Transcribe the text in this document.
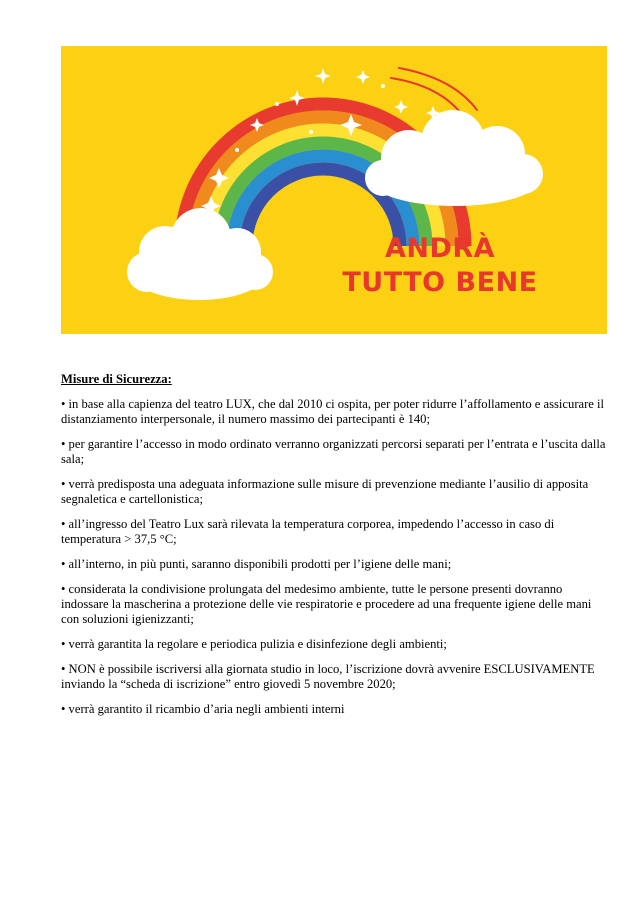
ANDRÀ
TUTTO BENE
Misure di Sicurezza:
• in base alla capienza del teatro LUX, che dal 2010 ci ospita, per poter ridurre l’affollamento e assicurare il distanziamento interpersonale, il numero massimo dei partecipanti è 140;
• per garantire l’accesso in modo ordinato verranno organizzati percorsi separati per l’entrata e l’uscita dalla sala;
• verrà predisposta una adeguata informazione sulle misure di prevenzione mediante l’ausilio di apposita segnaletica e cartellonistica;
• all’ingresso del Teatro Lux sarà rilevata la temperatura corporea, impedendo l’accesso in caso di temperatura > 37,5 °C;
• all’interno, in più punti, saranno disponibili prodotti per l’igiene delle mani;
• considerata la condivisione prolungata del medesimo ambiente, tutte le persone presenti dovranno indossare la mascherina a protezione delle vie respiratorie e procedere ad una frequente igiene delle mani con soluzioni igienizzanti;
• verrà garantita la regolare e periodica pulizia e disinfezione degli ambienti;
• NON è possibile iscriversi alla giornata studio in loco, l’iscrizione dovrà avvenire ESCLUSIVAMENTE inviando la “scheda di iscrizione” entro giovedì 5 novembre 2020;
• verrà garantito il ricambio d’aria negli ambienti interni
